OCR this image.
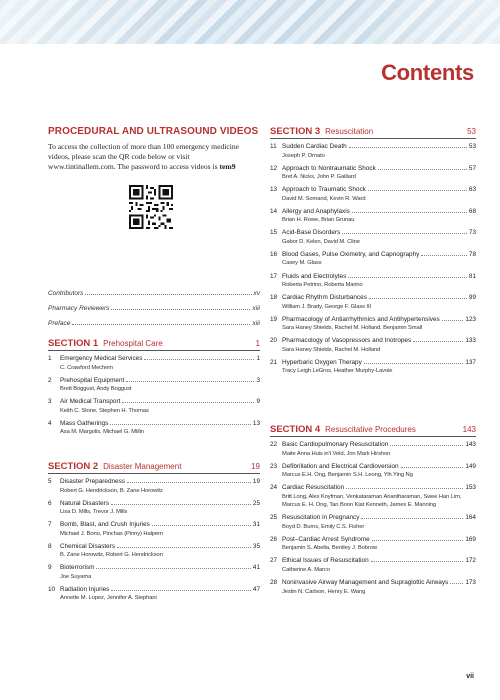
Contents
PROCEDURAL AND ULTRASOUND VIDEOS

To access the collection of more than 100 emergency medicine videos, please scan the QR code below or visit www.tintinallem.com. The password to access videos is tem9

Contributors	xv
Pharmacy Reviewers	xiii
Preface	xiii
SECTION 1 Prehospital Care	1
1	Emergency Medical Services	1
C. Crawford Mechem
2	Prehospital Equipment	3
Brett Boggust, Andy Boggust
3	Air Medical Transport	9
Keith C. Stone, Stephen H. Thomas
4	Mass Gatherings	13
Asa M. Margolis, Michael G. Millin
SECTION 2 Disaster Management	19
5	Disaster Preparedness	19
Robert G. Hendrickson, B. Zane Horowitz
6	Natural Disasters	25
Lisa D. Mills, Trevor J. Mills
7	Bomb, Blast, and Crush Injuries	31
Michael J. Bono, Pinchas (Pinny) Halpern
8	Chemical Disasters	35
B. Zane Horowitz, Robert G. Hendrickson
9	Bioterrorism	41
Joe Suyama
10 Radiation Injuries	47
Annette M. Lopez, Jennifer A. Stephani
SECTION 3 Resuscitation	53
11 Sudden Cardiac Death	53
Joseph P. Ornato
12 Approach to Nontraumatic Shock	57
Bret A. Nicks, John P. Gaillard
13 Approach to Traumatic Shock	63
David M. Somand, Kevin R. Ward
14 Allergy and Anaphylaxis	68
Brian H. Rowe, Brian Grunau
15 Acid-Base Disorders	73
Gabor D. Kelen, David M. Cline
16 Blood Gases, Pulse Oximetry, and Capnography	78
Casey M. Glass
17 Fluids and Electrolytes	81
Roberta Petrino, Roberta Marino
18 Cardiac Rhythm Disturbances	99
William J. Brady, George F. Glass III
19 Pharmacology of Antiarrhythmics and Antihypertensives	123
Sara Haney Shields, Rachel M. Holland, Benjamin Small
20 Pharmacology of Vasopressors and Inotropes	133
Sara Haney Shields, Rachel M. Holland
21 Hyperbaric Oxygen Therapy	137
Tracy Leigh LeGros, Heather Murphy-Lavoie
SECTION 4 Resuscitative Procedures	143
22 Basic Cardiopulmonary Resuscitation	143
Maite Anna Huis in't Veld, Jon Mark Hirshon
23 Defibrillation and Electrical Cardioversion	149
Marcus E.H. Ong, Benjamin S.H. Leong, Yih Ying Ng
24 Cardiac Resuscitation	153
Britt Long, Alex Koyfman, Venkataraman Anantharaman, Swee Han Lim,
Marcus E. H. Ong, Tan Boon Kiat Kenneth, James E. Manning
25 Resuscitation in Pregnancy	164
Boyd D. Burns, Emily C.S. Fisher
26 Post–Cardiac Arrest Syndrome	169
Benjamin S. Abella, Bentley J. Bobrow
27 Ethical Issues of Resuscitation	172
Catherine A. Marco
28 Noninvasive Airway Management and Supraglottic Airways	173
Jestin N. Carlson, Henry E. Wang
vii
